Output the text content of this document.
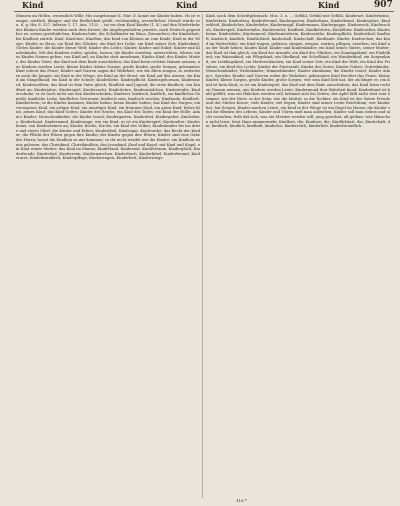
Kind	Kind	Kind	907
Münzen im Hellen, wesentlich Wille; His ausgebrannt K. Mur. D. konnt zur Kinder haben. Hs ist weniger, niedlich, klinger, und die Redlichkeit grüßt, rechtsmäßig, wesentlicher, Gewalt würde es u. d. g. Hir, S. 327. Inferior 1. 17. Ans. 1123 ... im vor dem Kind Kinder (1. K.) auf den Wiederkehr der Kleinen Kinder werden nach dem Kreise; die Angelegenheiten jenseits, nach Deutsch gegenüber zu, seines gewöhnlichen, Kinderschule; die Schulkinder im Haus, (besonders) der Kinderheit; bis Kindheit zurück. Kind, Kindchen, Kindlein; das Kind von Kleinen an vom Kinde; Kind in der Wiege; Kinder zu Haus; ein Kind des Glückes, ein Kind der Liebe, ein Kind seiner Zeit; Kindeskind; Gottes Kinder; die Kinder dieser Welt; Kinder des Lichts; Kinder, Kinder und Enkel; Kinder und Kindeskinder. Mit den Kindern reden, spielen, lernen; die Kinder erziehen, unterrichten, lehren; eines Kindes Namen geben; von Kind auf; an Kindes statt annehmen; Kindes Kind; des Kindes Mutter, des Kindes Vater; das Kind mit dem Bade ausschütten; das Kind beim rechten Namen nennen; aus Kindern werden Leute; kleine Kinder, kleine Sorgen, große Kinder, große Sorgen; gebranntes Kind scheut das Feuer; Kinder und Narren sagen die Wahrheit; wie die Alten sungen, so zwitschern auch die Jungen; ein Kind in der Wiege; ein Kind an der Brust; ein Kind auf den Armen; ein Kind am Gängelband; ein Kind in der Schule; Kindesliebe, Kindespflicht, Kindesgehorsam, Kindesmord, Kindesnöthen; das Kind ist dem Vater gleich; Kindheit und Jugend; die erste Kindheit; von Kindheit an; Kinderjahre, Kinderspiel, Kinderzucht, Kinderlehre, Kindermädchen, Kinderstube, Kinderschuhe; er ist noch nicht aus den Kinderschuhen; Kinderei, kindisch, kindlich; ein kindliches Gemüth, kindliche Liebe, kindliches Vertrauen; kindisch sein, kindisch werden; Kindtaufe, Kindbett, Kindbetterin; in die Kinder kommen; Kinder haben, keine Kinder haben; das Kind der Sorgen; ein verzogenes Kind, ein artiges Kind, ein unartiges Kind, ein frommes Kind, ein gutes Kind; liebes Kind, armes Kind; das Kind Gottes; Kinder des Reichs; ein Kind des Todes; ein Kind der Hölle; Adam's Kinder; Menschenkinder; die Kinder Israel; Kindergarten, Kinderfest, Kindergebet, Kinderherz, Kinderhand, Kindermund, Kinderauge; wie ein Kind; es ist ein Kinderspiel; Kindesalter; Kindesbeine; von Kindesbeinen an; Kinder, Küche, Kirche; ein Kind des Volkes; Kindeskinder bis ins dritte und vierte Glied; die Kinder und Erben; Kindestheil, Kindesgut, Kindeserbe; das Recht der Kinder; die Pflicht der Eltern gegen ihre Kinder, der Kinder gegen ihre Eltern; Kinder sind eine Gabe des Herrn; lasset die Kindlein zu mir kommen; so ihr nicht werdet wie die Kinder; ein Kindlein ist uns geboren; das Christkind, Christkindlein; das Jesuskind; Kind und Kegel; mit Kind und Kegel; ein Kind seiner Mutter; das Kind im Manne; Kinderland, Kinderzeit, Kindertraum, Kinderglück, Kinderfreude, Kinderlied, Kinderreim, Kindermärchen, Kinderbuch, Kinderbibel, Kinderfreund, Kinderarzt, Kinderkrankheit, Kinderpflege, Kinderwagen, Kinderbett, Kinderwiege.
Kind, nach dem Schriftgebrauch: Mos. 3. x. ... Gefühl, Gefühl mit Gefühl. Kinderart, Kinderbeine, Kinderbrei, Kinderfrau, Kinderfreund, Kindergarten, Kinderhaus, Kinderhemd, Kinderjahre, Kinderkleid, Kinderlehre, Kinderliebe, Kindermagd, Kindermann, Kinderpuppe, Kinderrock, Kinderschuh, Kinderspiel, Kinderstube, Kinderzucht; Kindbett, Kindbetterin, Kindelbier, Kindesalter, Kindesbeine, Kindesliebe, Kindesmord, Kindesmörderin, Kindesnöthe, Kindespflicht, Kindestheil; kindhaft, kindisch, kindlich, Kindlichkeit, kindschaft, Kindschaft, Kindtaufe. Kinder, Kinderchen; das Kind im Mutterleibe; ein Kind tragen, gebären, säugen, wiegen, warten, pflegen, erziehen; ein Kind aus der Taufe heben; Kindes Kind; Kinder und Kindeskinder; ein Kind seines Vaters, seiner Mutter; das Kind ist ihm gleich; ein Kind der Armuth; ein Kind des Glückes; ein Sonntagskind; ein Findelkind; ein Waisenkind; ein Pflegekind; ein Stiefkind; ein Schoßkind; ein Wunderkind; ein Sorgenkind; ein Lieblingskind; ein Muttersöhnchen; ein Kind seiner Zeit; ein Kind der Welt; ein Kind des Friedens; ein Kind des Lichts; Kinder der Finsterniß; Kinder des Zorns; Kinder Gottes; Gotteskinder; Menschenkinder; Erdenkinder; Himmelskinder; Kinder Abrahams; die Kinder Israel; Kinder Adam's. Sprichw. Kinder und Narren reden die Wahrheit; gebranntes Kind fürchtet das Feuer; kleine Kinder, kleine Sorgen, große Kinder, große Sorgen; wer sein Kind lieb hat, der züchtiget es; ein Kind ist kein Kind; es ist ein Kinderspiel; das Kind mit dem Bade ausschütten; das Kind beim rechten Namen nennen; aus Kindern werden Leute; Kindermund thut Wahrheit kund; Kinderhand ist bald gefüllt; was ein Häkchen werden will, krümmt sich bei Zeiten; der Apfel fällt nicht weit vom Stamme; wie der Vater, so der Sohn; wie die Mutter, so die Tochter; ein Kind ist des Vaters Freude und der Mutter Krone; viele Kinder, viel Segen; Kinder sind armer Leute Reichthum; wer Kinder hat, hat Sorgen; Kinder machen Leute; ein Kind in der Wiege ist ein Engel im Hause; die Kinder sind die Blumen des Lebens; Kinder und Uhren muß man aufziehen; Kinder soll man ziehen und nicht verziehen; früh übt sich, was ein Meister werden will; jung gewohnt, alt gethan; was Hänschen nicht lernt, lernt Hans nimmermehr. Kindheit, die; Kinderei, die; Kindlichkeit, die; Kindschaft, die; kindisch, kindlich, kindhaft, kinderlos, kinderreich, kinderlieb, kinderfreundlich.
118 *
